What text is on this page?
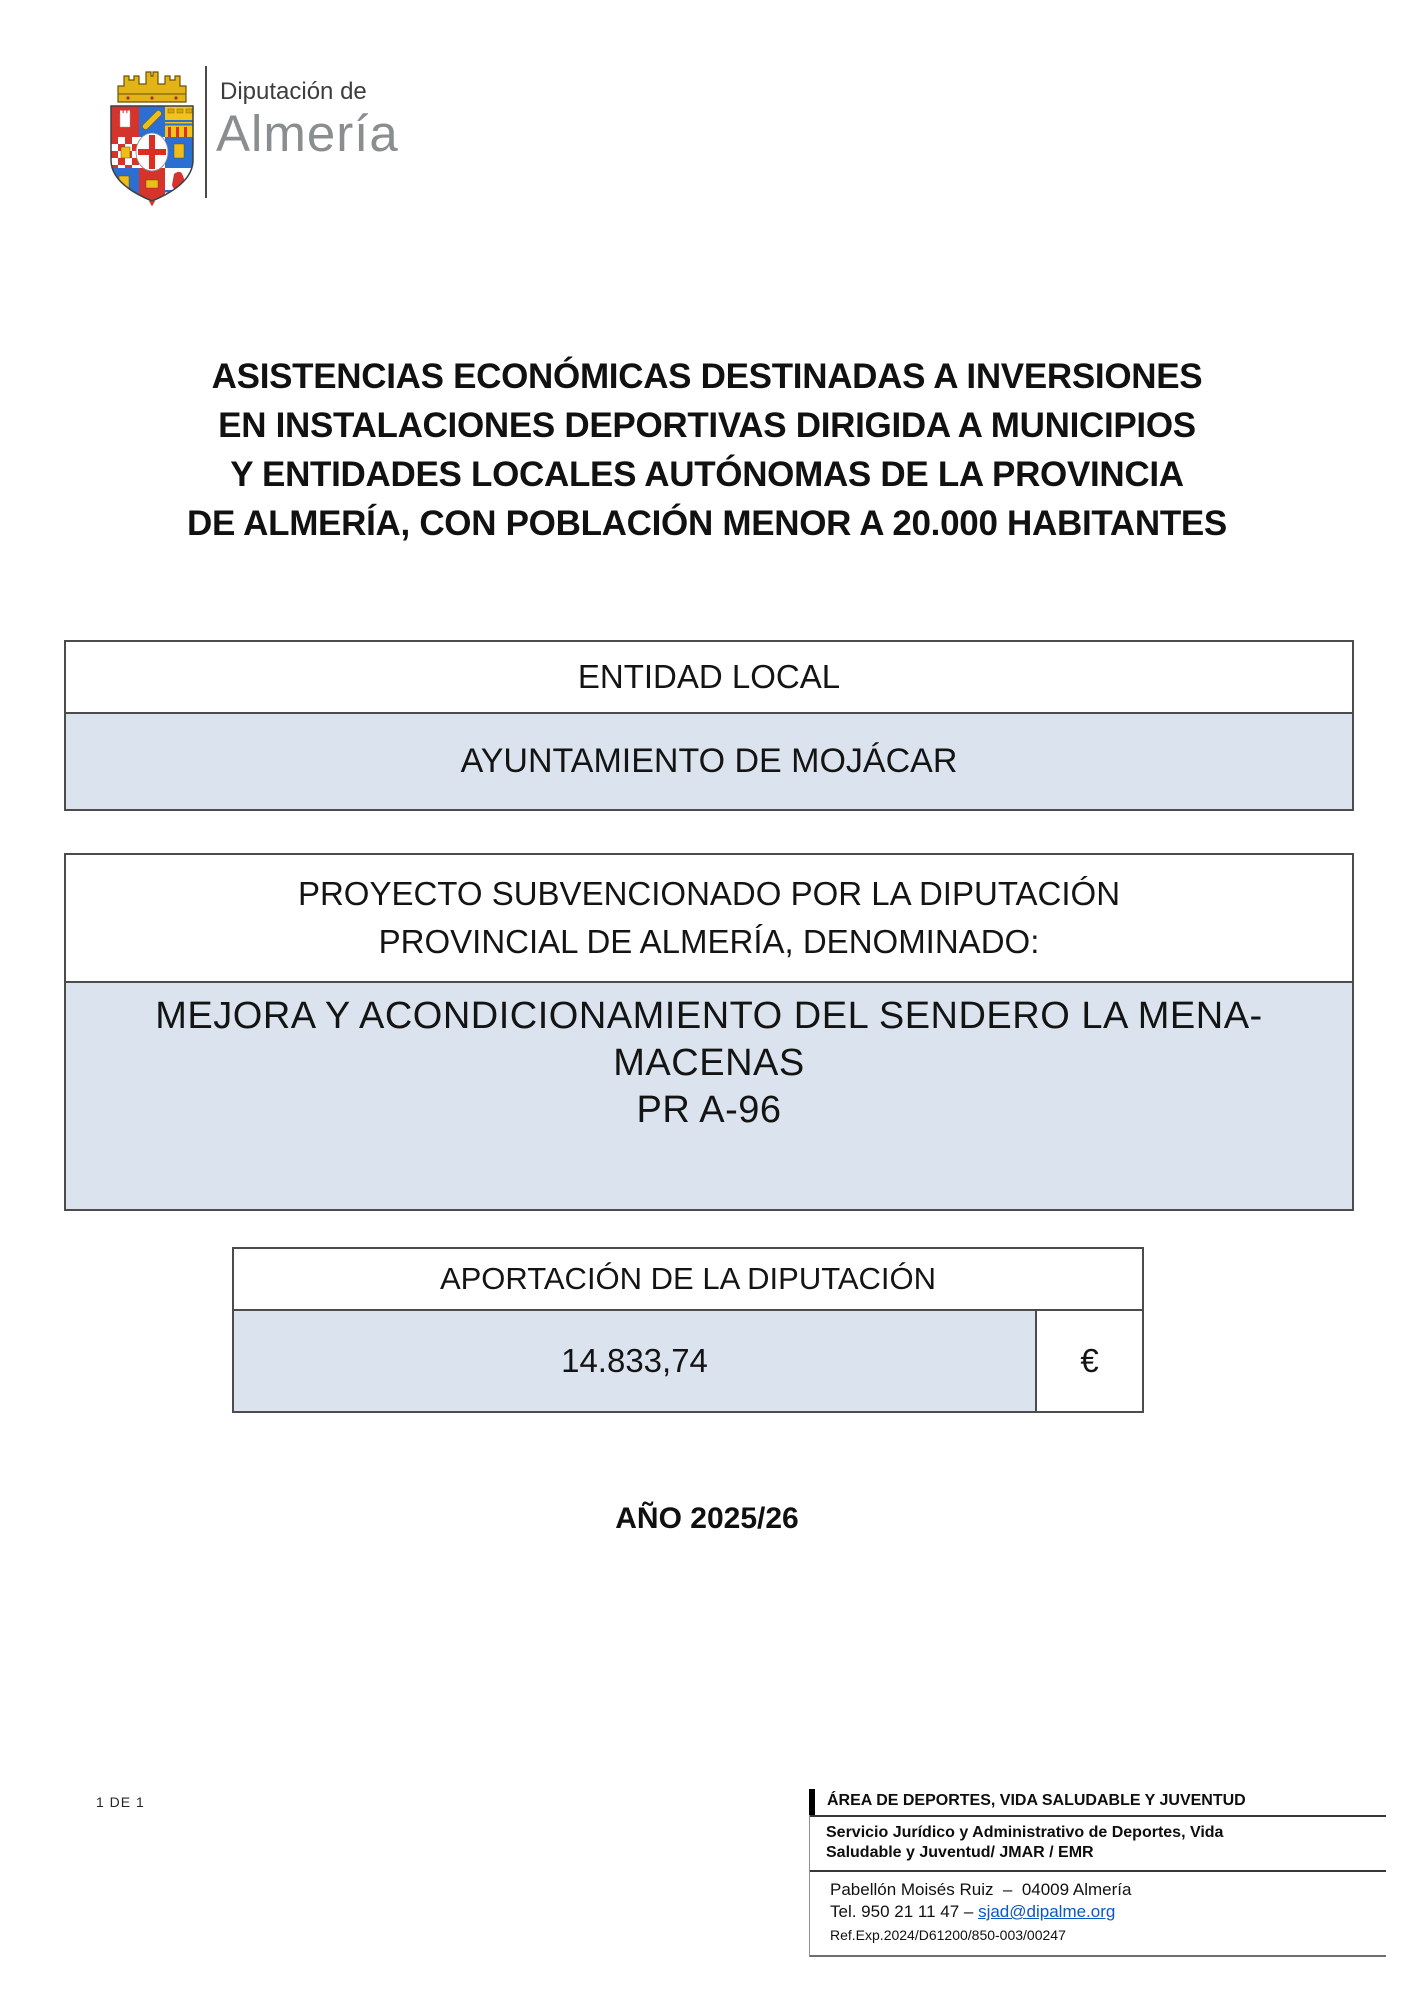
Diputación de
Almería
ASISTENCIAS ECONÓMICAS DESTINADAS A INVERSIONES
EN INSTALACIONES DEPORTIVAS DIRIGIDA A MUNICIPIOS
Y ENTIDADES LOCALES AUTÓNOMAS DE LA PROVINCIA
DE ALMERÍA, CON POBLACIÓN MENOR A 20.000 HABITANTES
ENTIDAD LOCAL
AYUNTAMIENTO DE MOJÁCAR
PROYECTO SUBVENCIONADO POR LA DIPUTACIÓN
PROVINCIAL DE ALMERÍA, DENOMINADO:
MEJORA Y ACONDICIONAMIENTO DEL SENDERO LA MENA-MACENAS
PR A-96
APORTACIÓN DE LA DIPUTACIÓN
14.833,74	€
AÑO 2025/26
1 DE 1	ÁREA DE DEPORTES, VIDA SALUDABLE Y JUVENTUD
Servicio Jurídico y Administrativo de Deportes, Vida
Saludable y Juventud/ JMAR / EMR
Pabellón Moisés Ruiz  –  04009 Almería
Tel. 950 21 11 47 – sjad@dipalme.org
Ref.Exp.2024/D61200/850-003/00247
